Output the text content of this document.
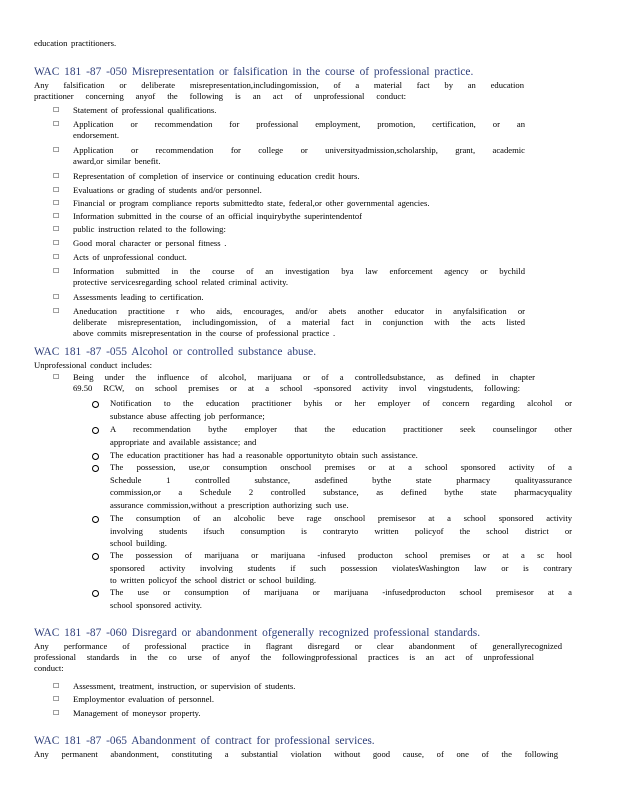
education practitioners.
WAC 181 -87 -050 Misrepresentation or falsification in the course of professional practice.
Any falsification or deliberate misrepresentation,includingomission, of a material fact by an education
practitioner concerning anyof the following is an act of unprofessional conduct:
☐ Statement of professional qualifications.
☐ Application or recommendation for professional employment, promotion, certification, or an
endorsement.
☐ Application or recommendation for college or universityadmission,scholarship, grant, academic
award,or similar benefit.
☐ Representation of completion of inservice or continuing education credit hours.
☐ Evaluations or grading of students and/or personnel.
☐ Financial or program compliance reports submittedto state, federal,or other governmental agencies.
☐ Information submitted in the course of an official inquirybythe superintendentof
☐ public instruction related to the following:
☐ Good moral character or personal fitness .
☐ Acts of unprofessional conduct.
☐ Information submitted in the course of an investigation bya law enforcement agency or bychild
protective servicesregarding school related criminal activity.
☐ Assessments leading to certification.
☐ Aneducation practitione r who aids, encourages, and/or abets another educator in anyfalsification or
deliberate misrepresentation, includingomission, of a material fact in conjunction with the acts listed
above commits misrepresentation in the course of professional practice .
WAC 181 -87 -055 Alcohol or controlled substance abuse.
Unprofessional conduct includes:
☐ Being under the influence of alcohol, marijuana or of a controlledsubstance, as defined in chapter
69.50 RCW, on school premises or at a school -sponsored activity invol vingstudents, following:
Notification to the education practitioner byhis or her employer of concern regarding alcohol or
substance abuse affecting job performance;
A recommendation bythe employer that the education practitioner seek counselingor other
appropriate and available assistance; and
The education practitioner has had a reasonable opportunityto obtain such assistance.
The possession, use,or consumption onschool premises or at a school sponsored activity of a
Schedule 1 controlled substance, asdefined bythe state pharmacy qualityassurance
commission,or a Schedule 2 controlled substance, as defined bythe state pharmacyquality
assurance commission,without a prescription authorizing such use.
The consumption of an alcoholic beve rage onschool premisesor at a school sponsored activity
involving students ifsuch consumption is contraryto written policyof the school district or
school building.
The possession of marijuana or marijuana -infused producton school premises or at a sc hool
sponsored activity involving students if such possession violatesWashington law or is contrary
to written policyof the school district or school building.
The use or consumption of marijuana or marijuana -infusedproducton school premisesor at a
school sponsored activity.
WAC 181 -87 -060 Disregard or abandonment ofgenerally recognized professional standards.
Any performance of professional practice in flagrant disregard or clear abandonment of generallyrecognized
professional standards in the co urse of anyof the followingprofessional practices is an act of unprofessional
conduct:
☐ Assessment, treatment, instruction, or supervision of students.
☐ Employmentor evaluation of personnel.
☐ Management of moneysor property.
WAC 181 -87 -065 Abandonment of contract for professional services.
Any permanent abandonment, constituting a substantial violation without good cause, of one of the following
